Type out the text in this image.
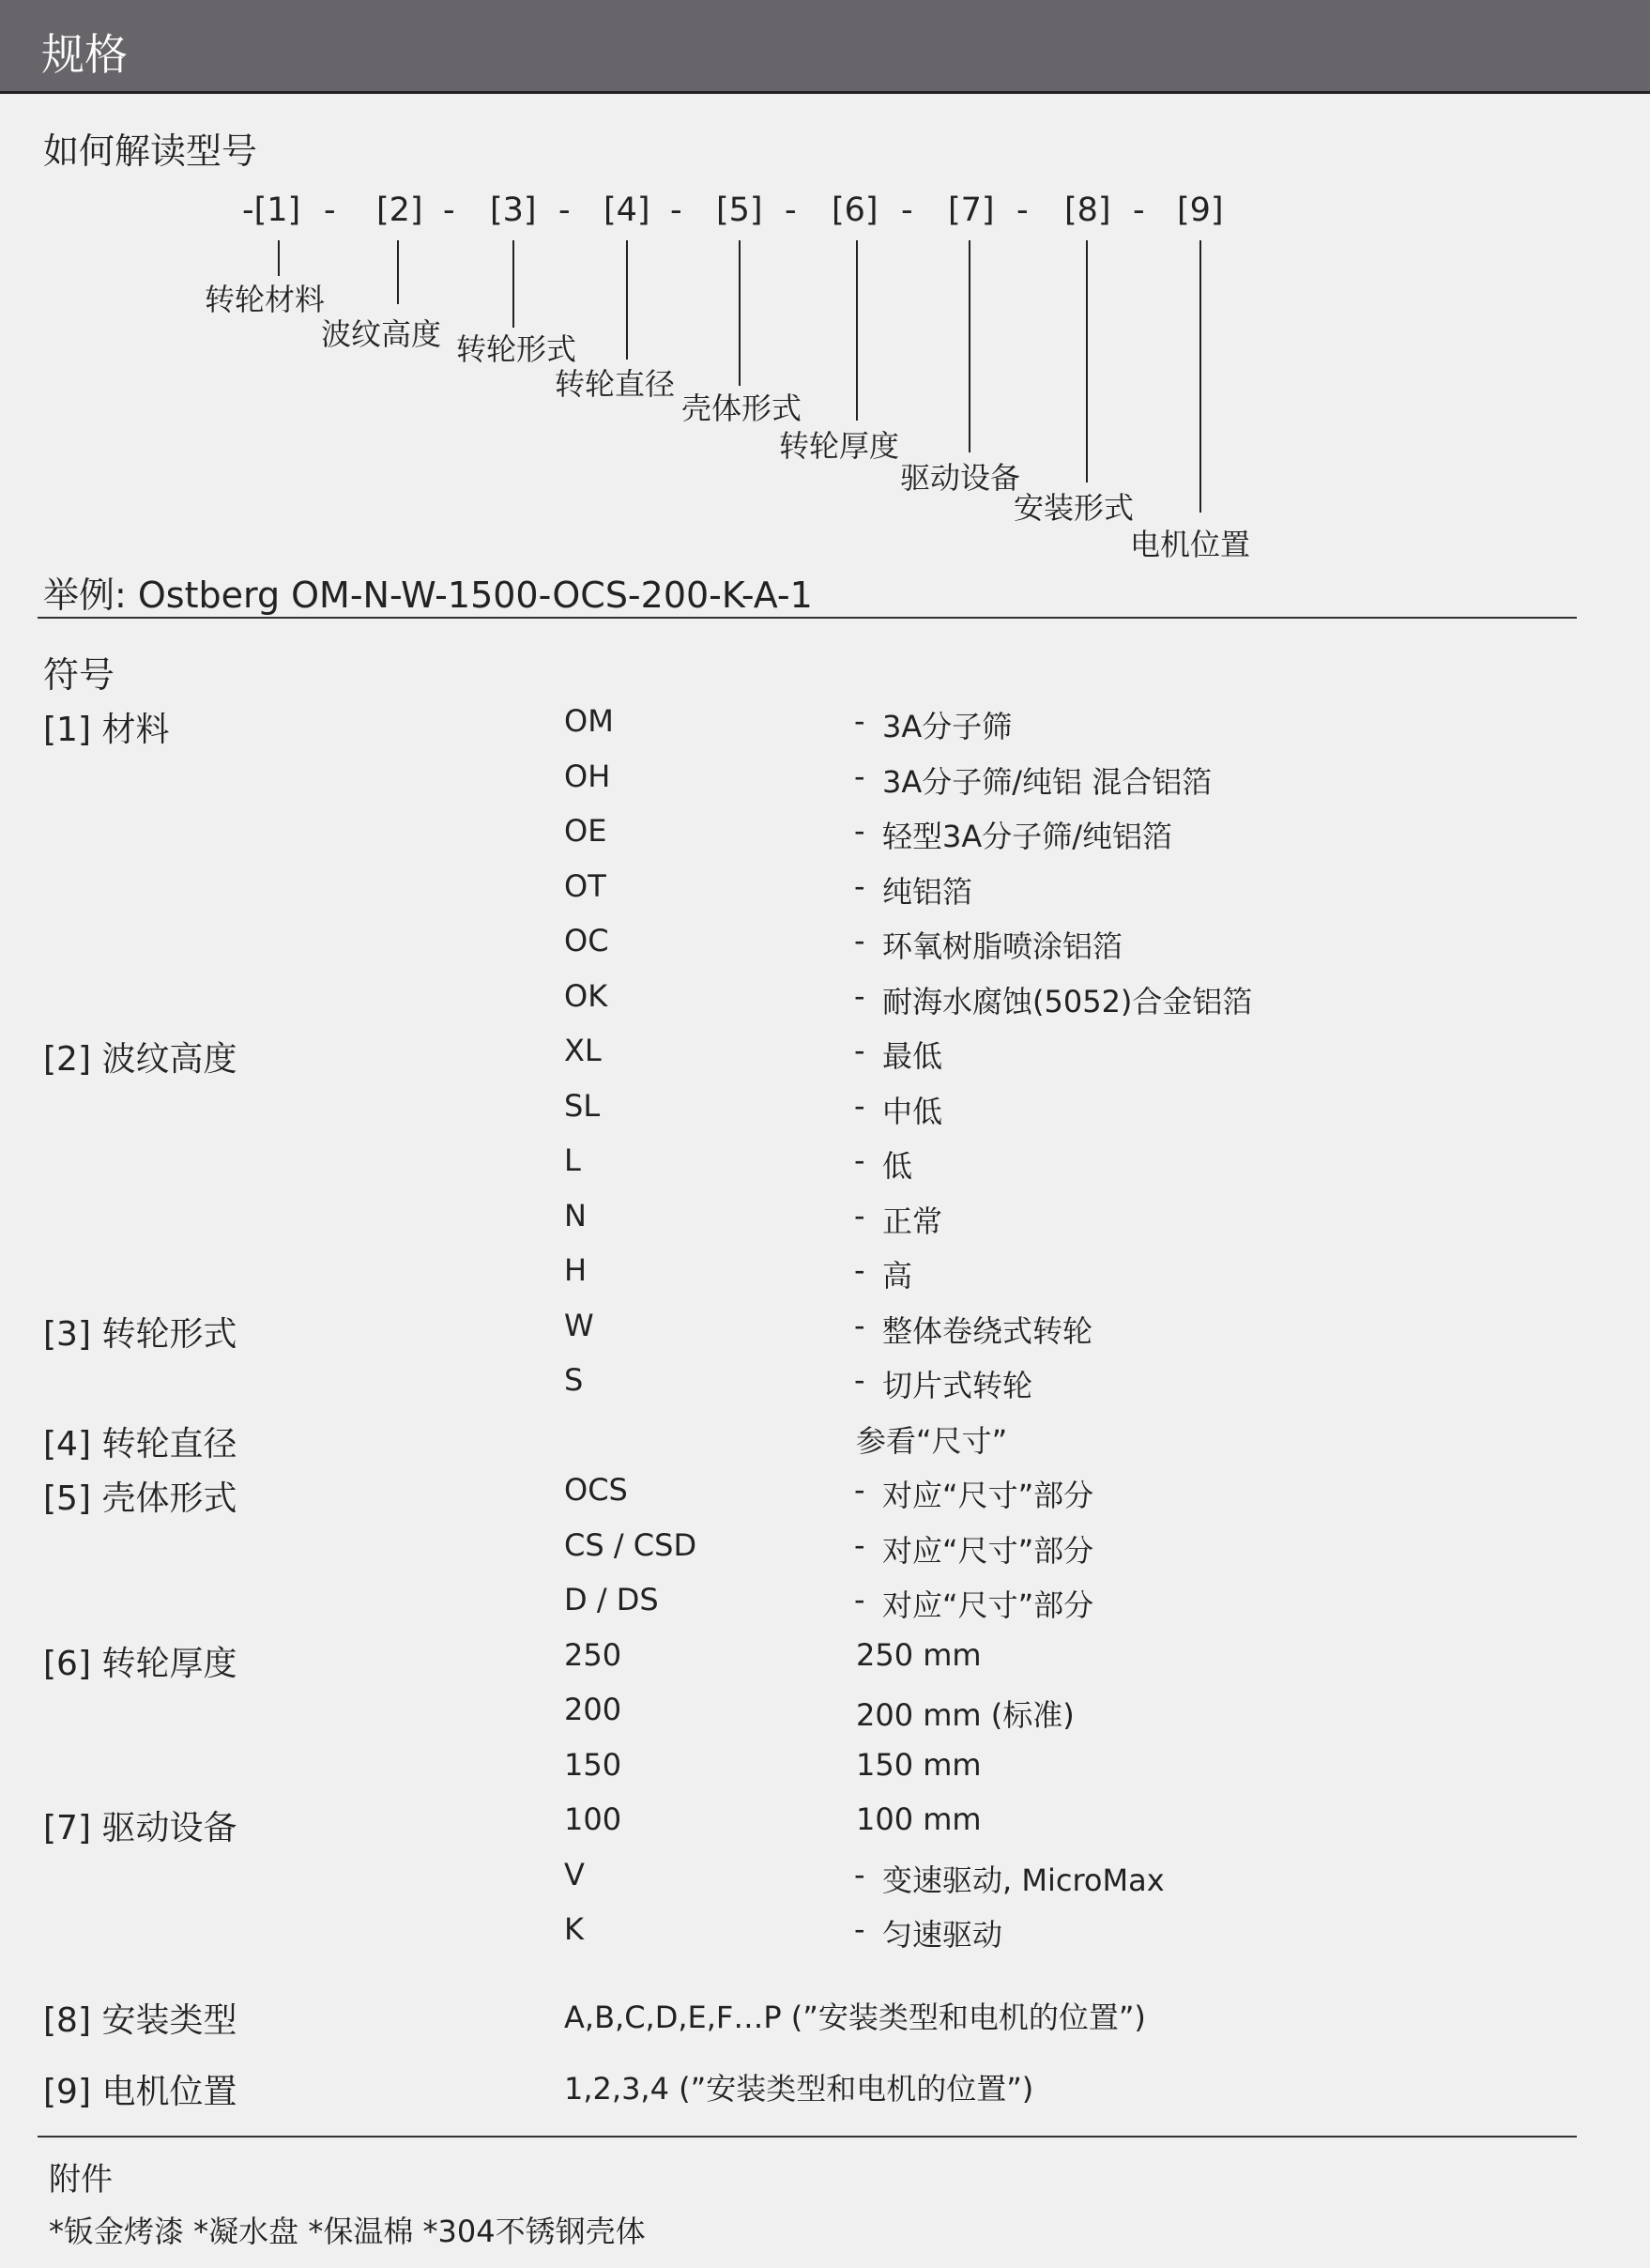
规格
如何解读型号
-[1] - [2] - [3] - [4] - [5] - [6] - [7] - [8] - [9]
转轮材料
波纹高度 转轮形式
转轮直径
壳体形式
转轮厚度
驱动设备
安装形式
电机位置
举例: Ostberg OM-N-W-1500-OCS-200-K-A-1
符号
[1] 材料	OM	- 3A分子筛
OH	- 3A分子筛/纯铝 混合铝箔
OE	- 轻型3A分子筛/纯铝箔
OT	- 纯铝箔
OC	- 环氧树脂喷涂铝箔
OK	- 耐海水腐蚀(5052)合金铝箔
[2] 波纹高度	XL	- 最低
SL	- 中低
L	- 低
N	- 正常
H	- 高
[3] 转轮形式	W	- 整体卷绕式转轮
S	- 切片式转轮
[4] 转轮直径	参看“尺寸”
[5] 壳体形式	OCS	- 对应“尺寸”部分
CS / CSD	- 对应“尺寸”部分
D / DS	- 对应“尺寸”部分
[6] 转轮厚度	250	250 mm
200	200 mm (标准)
150	150 mm
[7] 驱动设备	100	100 mm
V	- 变速驱动, MicroMax
K	- 匀速驱动
[8] 安装类型	A,B,C,D,E,F…P (”安装类型和电机的位置”)
[9] 电机位置	1,2,3,4 (”安装类型和电机的位置”)
附件
*钣金烤漆 *凝水盘 *保温棉 *304不锈钢壳体
